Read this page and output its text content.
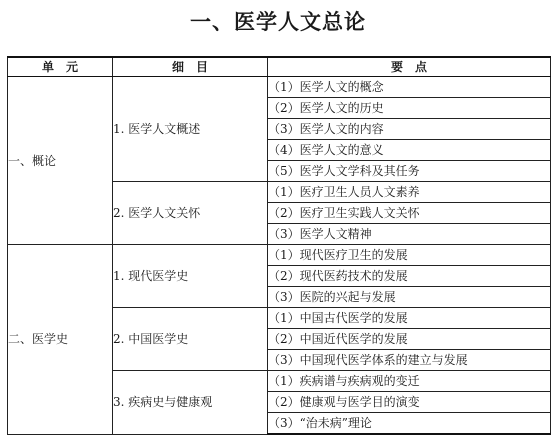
一、医学人文总论
单　元	细　目	要　点
一、概论	1. 医学人文概述	（1）医学人文的概念
		（2）医学人文的历史
		（3）医学人文的内容
		（4）医学人文的意义
		（5）医学人文学科及其任务
	2. 医学人文关怀	（1）医疗卫生人员人文素养
		（2）医疗卫生实践人文关怀
		（3）医学人文精神
二、医学史	1. 现代医学史	（1）现代医疗卫生的发展
		（2）现代医药技术的发展
		（3）医院的兴起与发展
	2. 中国医学史	（1）中国古代医学的发展
		（2）中国近代医学的发展
		（3）中国现代医学体系的建立与发展
	3. 疾病史与健康观	（1）疾病谱与疾病观的变迁
		（2）健康观与医学目的演变
		（3）“治未病”理论
